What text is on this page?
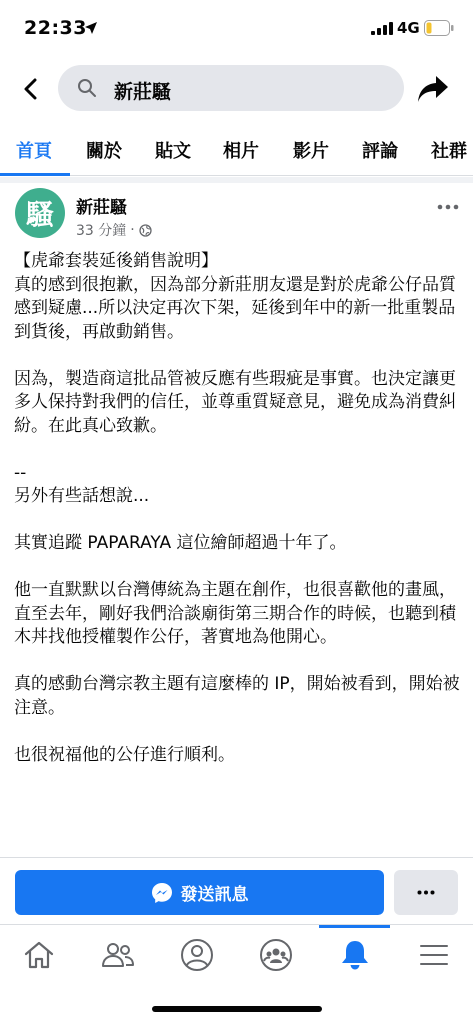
22:33	4G
新莊騷
首頁 關於 貼文 相片 影片 評論 社群
騷	新莊騷
33 分鐘 ·

【虎爺套裝延後銷售說明】

真的感到很抱歉，因為部分新莊朋友還是對於虎爺公仔品質感到疑慮...所以決定再次下架，延後到年中的新一批重製品到貨後，再啟動銷售。

因為，製造商這批品管被反應有些瑕疵是事實。也決定讓更多人保持對我們的信任，並尊重質疑意見，避免成為消費糾紛。在此真心致歉。

--

另外有些話想說...

其實追蹤 PAPARAYA 這位繪師超過十年了。

他一直默默以台灣傳統為主題在創作，也很喜歡他的畫風，直至去年，剛好我們洽談廟街第三期合作的時候，也聽到積木丼找他授權製作公仔，著實地為他開心。

真的感動台灣宗教主題有這麼棒的 IP，開始被看到，開始被注意。

也很祝福他的公仔進行順利。

發送訊息
